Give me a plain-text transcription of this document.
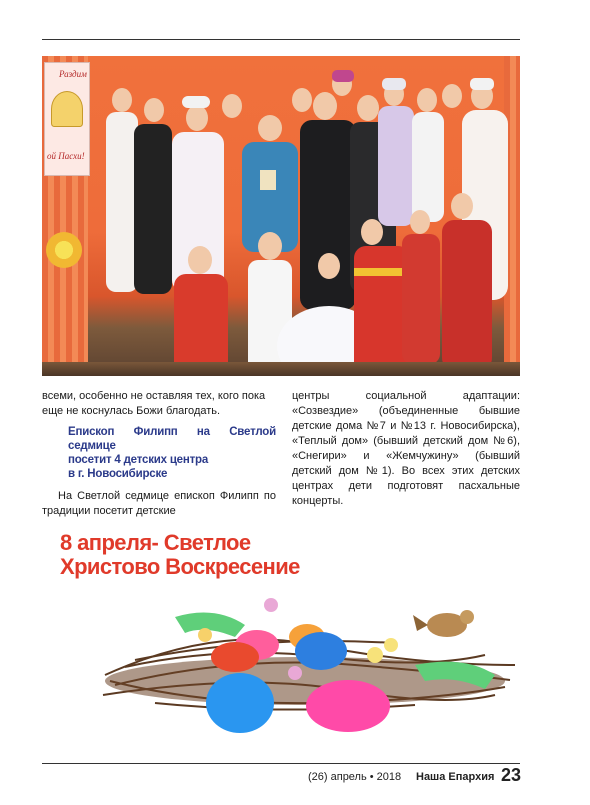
Раздим
ой Пасхи!

всеми, особенно не оставляя тех, кого пока еще не коснулась Божи благодать.

Епископ Филипп на Светлой седмице
посетит 4 детских центра
в г. Новосибирске

На Светлой седмице епископ Филипп по традиции посетит детские

центры социальной адаптации: «Созвездие» (объединенные бывшие детские дома №7 и №13 г. Новосибирска), «Теплый дом» (бывший детский дом №6), «Снегири» и «Жемчужину» (бывший детский дом №1). Во всех этих детских центрах дети подготовят пасхальные концерты.

8 апреля- Светлое
Христово Воскресение
(26) апрель • 2018 Наша Епархия 23
